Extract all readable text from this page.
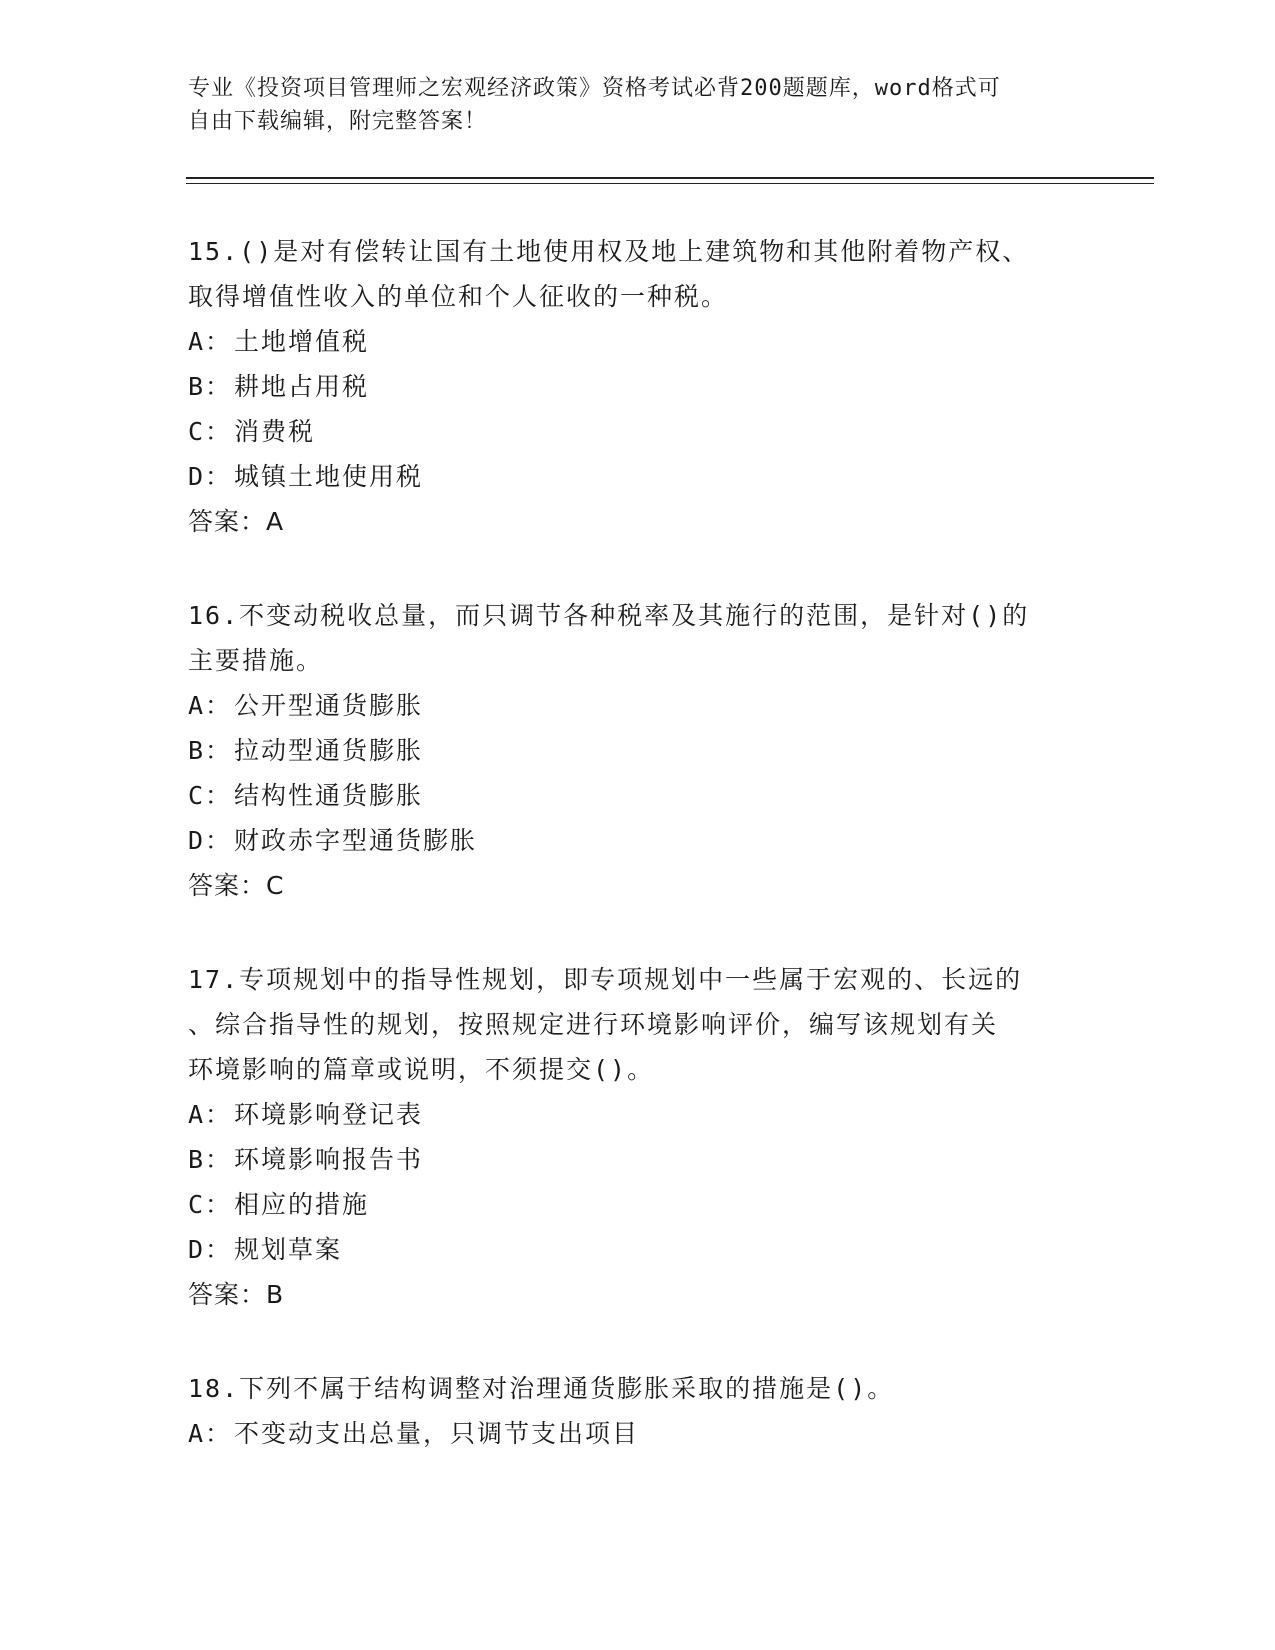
专业《投资项目管理师之宏观经济政策》资格考试必背200题题库，word格式可
自由下载编辑，附完整答案！

15.()是对有偿转让国有土地使用权及地上建筑物和其他附着物产权、
取得增值性收入的单位和个人征收的一种税。

A：土地增值税
B：耕地占用税
C：消费税
D：城镇土地使用税
答案：A

16.不变动税收总量，而只调节各种税率及其施行的范围，是针对()的
主要措施。

A：公开型通货膨胀
B：拉动型通货膨胀
C：结构性通货膨胀
D：财政赤字型通货膨胀
答案：C

17.专项规划中的指导性规划，即专项规划中一些属于宏观的、长远的
、综合指导性的规划，按照规定进行环境影响评价，编写该规划有关
环境影响的篇章或说明，不须提交()。

A：环境影响登记表
B：环境影响报告书
C：相应的措施
D：规划草案
答案：B

18.下列不属于结构调整对治理通货膨胀采取的措施是()。

A：不变动支出总量，只调节支出项目
